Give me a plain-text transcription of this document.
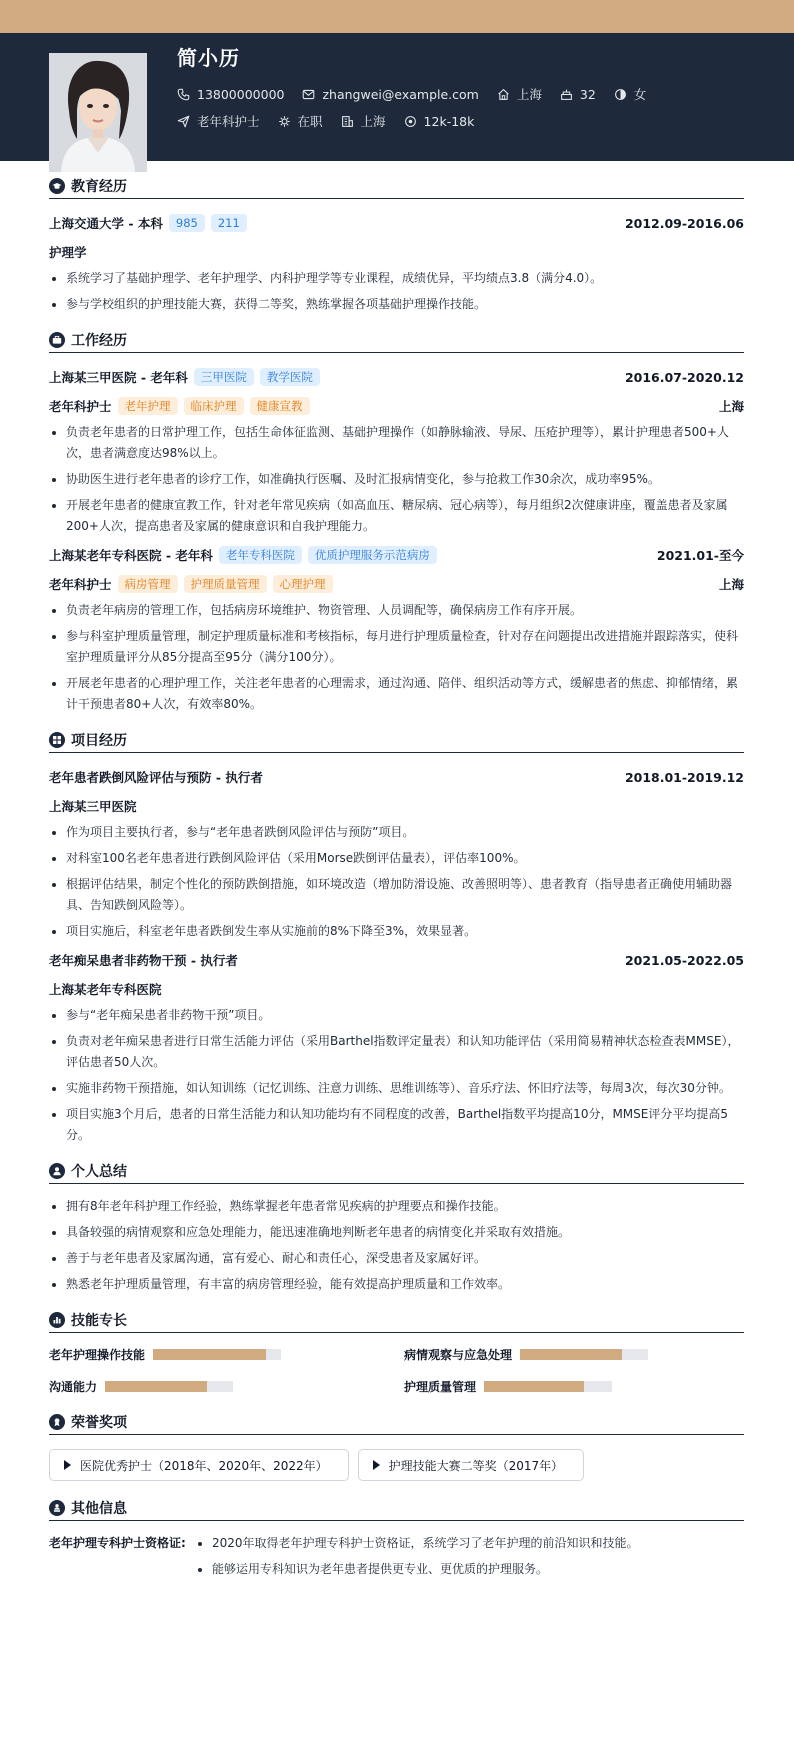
简小历
13800000000	zhangwei@example.com	上海	32	女
老年科护士	在职	上海	12k-18k
教育经历
上海交通大学 - 本科	985	211	2012.09-2016.06
护理学
系统学习了基础护理学、老年护理学、内科护理学等专业课程，成绩优异，平均绩点3.8（满分4.0）。
参与学校组织的护理技能大赛，获得二等奖，熟练掌握各项基础护理操作技能。
工作经历
上海某三甲医院 - 老年科	三甲医院	教学医院	2016.07-2020.12
老年科护士	老年护理	临床护理	健康宣教	上海
负责老年患者的日常护理工作，包括生命体征监测、基础护理操作（如静脉输液、导尿、压疮护理等），累计护理患者500+人次，患者满意度达98%以上。
协助医生进行老年患者的诊疗工作，如准确执行医嘱、及时汇报病情变化，参与抢救工作30余次，成功率95%。
开展老年患者的健康宣教工作，针对老年常见疾病（如高血压、糖尿病、冠心病等），每月组织2次健康讲座，覆盖患者及家属200+人次，提高患者及家属的健康意识和自我护理能力。
上海某老年专科医院 - 老年科	老年专科医院	优质护理服务示范病房	2021.01-至今
老年科护士	病房管理	护理质量管理	心理护理	上海
负责老年病房的管理工作，包括病房环境维护、物资管理、人员调配等，确保病房工作有序开展。
参与科室护理质量管理，制定护理质量标准和考核指标，每月进行护理质量检查，针对存在问题提出改进措施并跟踪落实，使科室护理质量评分从85分提高至95分（满分100分）。
开展老年患者的心理护理工作，关注老年患者的心理需求，通过沟通、陪伴、组织活动等方式，缓解患者的焦虑、抑郁情绪，累计干预患者80+人次，有效率80%。
项目经历
老年患者跌倒风险评估与预防 - 执行者	2018.01-2019.12
上海某三甲医院
作为项目主要执行者，参与“老年患者跌倒风险评估与预防”项目。
对科室100名老年患者进行跌倒风险评估（采用Morse跌倒评估量表），评估率100%。
根据评估结果，制定个性化的预防跌倒措施，如环境改造（增加防滑设施、改善照明等）、患者教育（指导患者正确使用辅助器具、告知跌倒风险等）。
项目实施后，科室老年患者跌倒发生率从实施前的8%下降至3%，效果显著。
老年痴呆患者非药物干预 - 执行者	2021.05-2022.05
上海某老年专科医院
参与“老年痴呆患者非药物干预”项目。
负责对老年痴呆患者进行日常生活能力评估（采用Barthel指数评定量表）和认知功能评估（采用简易精神状态检查表MMSE），评估患者50人次。
实施非药物干预措施，如认知训练（记忆训练、注意力训练、思维训练等）、音乐疗法、怀旧疗法等，每周3次，每次30分钟。
项目实施3个月后，患者的日常生活能力和认知功能均有不同程度的改善，Barthel指数平均提高10分，MMSE评分平均提高5分。
个人总结
拥有8年老年科护理工作经验，熟练掌握老年患者常见疾病的护理要点和操作技能。
具备较强的病情观察和应急处理能力，能迅速准确地判断老年患者的病情变化并采取有效措施。
善于与老年患者及家属沟通，富有爱心、耐心和责任心，深受患者及家属好评。
熟悉老年护理质量管理，有丰富的病房管理经验，能有效提高护理质量和工作效率。
技能专长
老年护理操作技能	病情观察与应急处理
沟通能力	护理质量管理
荣誉奖项
医院优秀护士（2018年、2020年、2022年）	护理技能大赛二等奖（2017年）
其他信息
老年护理专科护士资格证:	2020年取得老年护理专科护士资格证，系统学习了老年护理的前沿知识和技能。
能够运用专科知识为老年患者提供更专业、更优质的护理服务。
